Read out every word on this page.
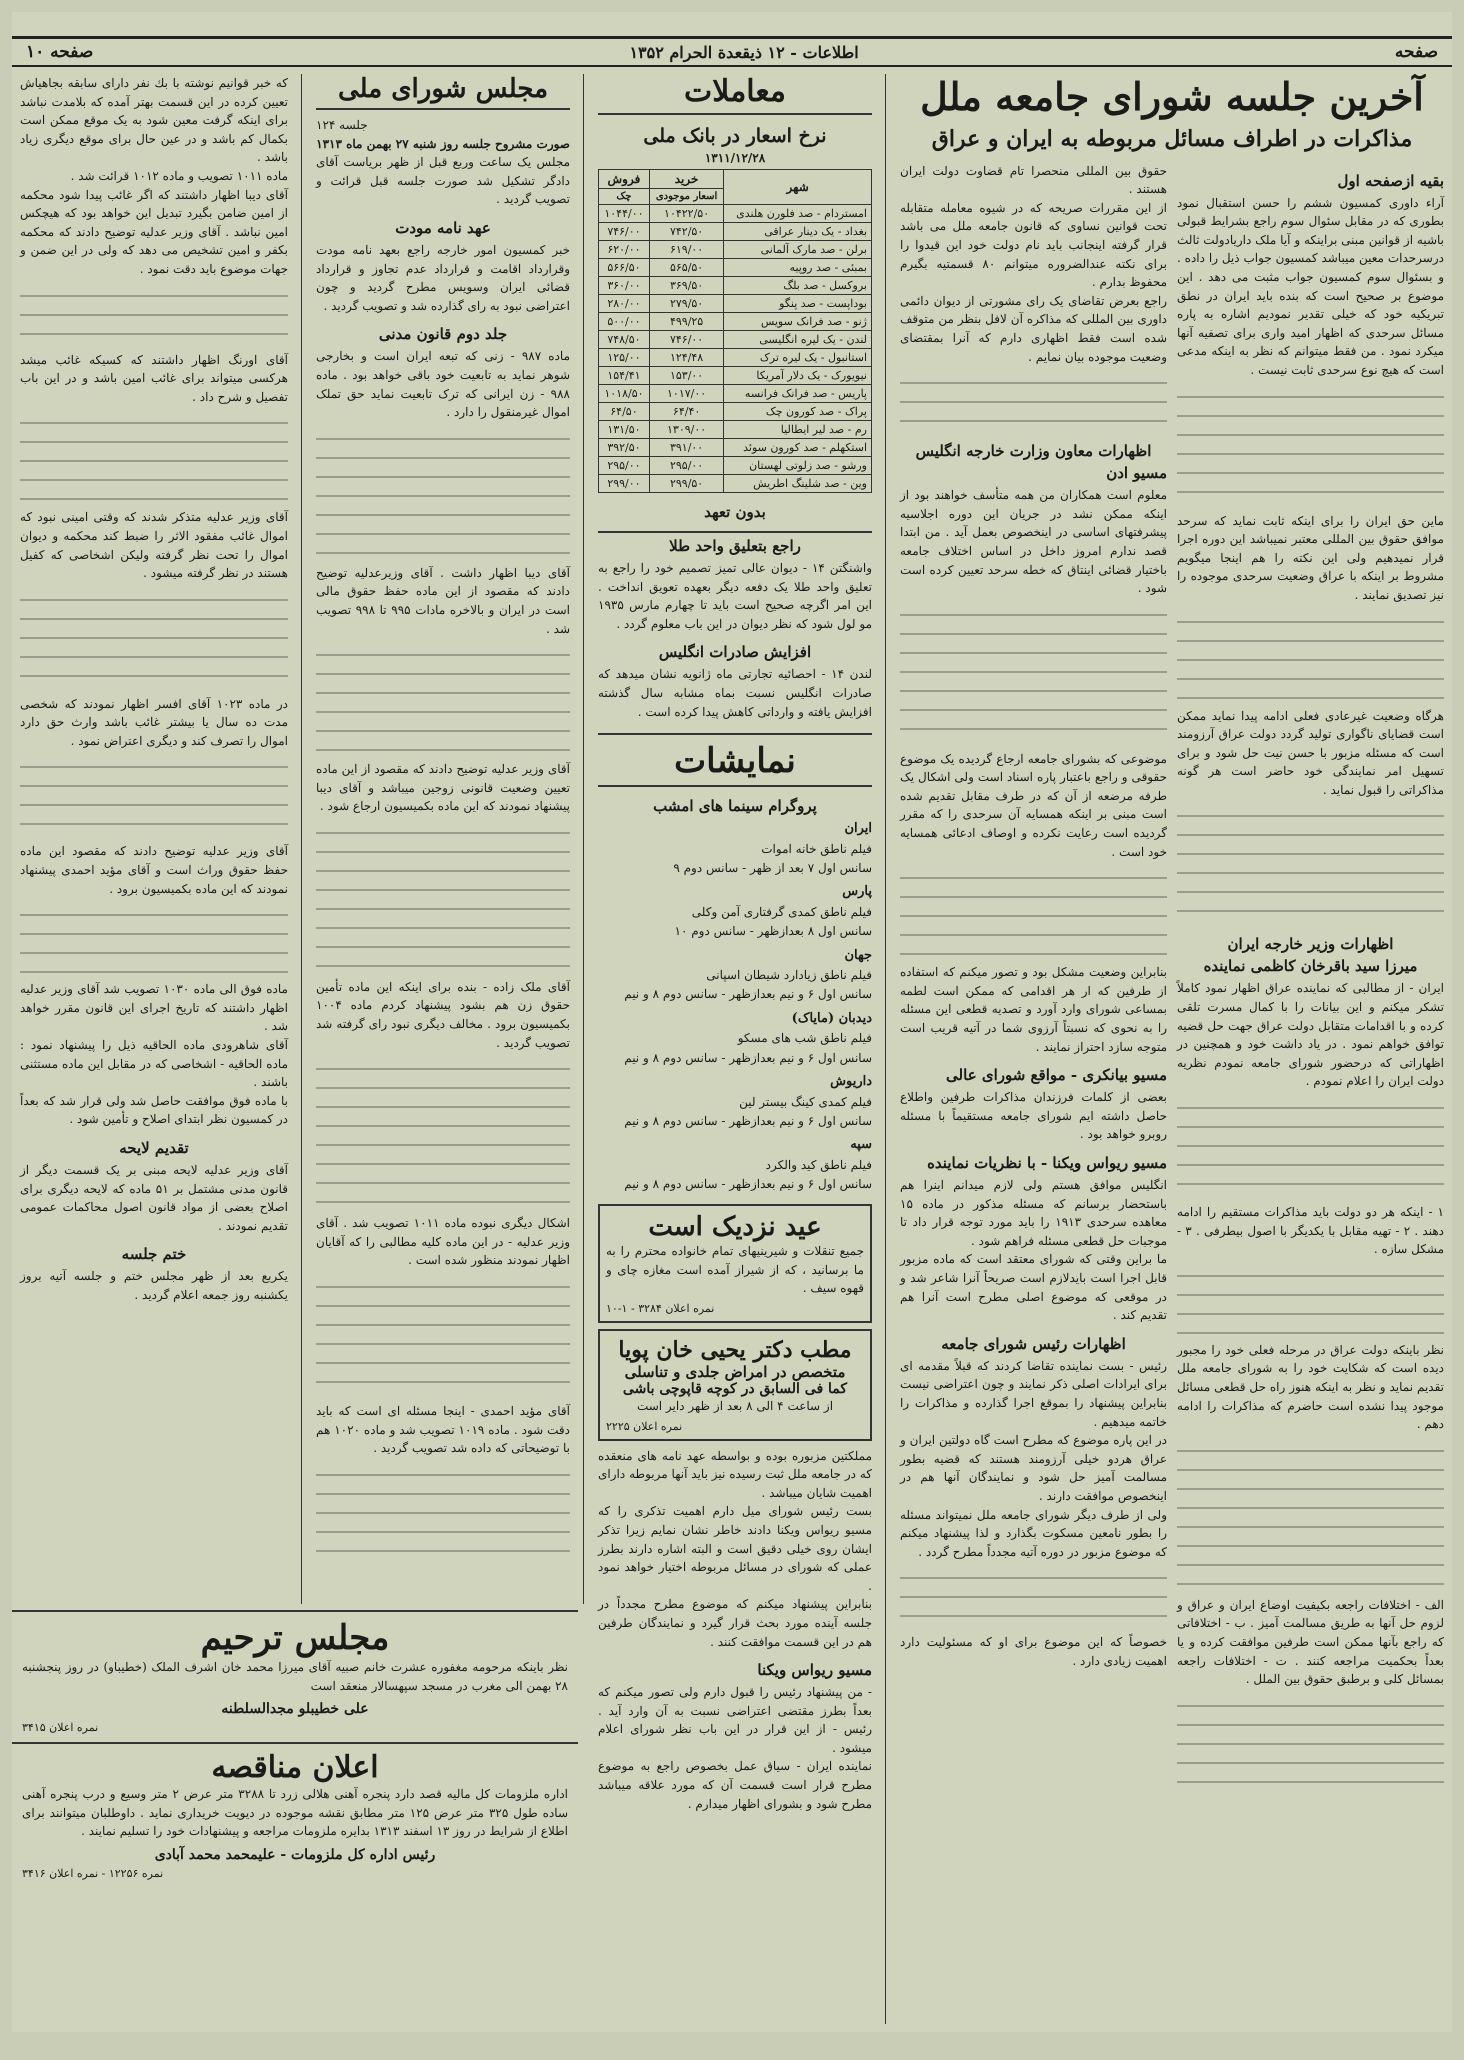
صفحه
اطلاعات - ۱۲ ذیقعدة الحرام ۱۳۵۲
صفحه ۱۰
آخرین جلسه شورای جامعه ملل
مذاکرات در اطراف مسائل مربوطه به ایران و عراق
بقیه ازصفحه اول

آراء داوری کمسیون ششم را حسن استقبال نمود بطوری که در مقابل سئوال سوم راجع بشرایط قبولی باشیه از قوانین مبنی براینکه و آیا ملک داریادولت ثالث درسرحدات معین میباشد کمسیون جواب ذیل را داده . و بسئوال سوم کمسیون جواب مثبت می دهد . این موضوع بر صحیح است که بنده باید ایران در نطق تبریکیه خود که خیلی تقدیر نمودیم اشاره به پاره مسائل سرحدی که اظهار امید واری برای تصفیه آنها میکرد نمود . من فقط میتوانم که نظر به اینکه مدعی است که هیچ نوع سرحدی ثابت نیست .

ماین حق ایران را برای اینکه ثابت نماید که سرحد موافق حقوق بین المللی معتبر نمیباشد این دوره اجرا قرار نمیدهیم ولی این نکته را هم اینجا میگویم مشروط بر اینکه با عراق وضعیت سرحدی موجوده را نیز تصدیق نمایند .

هرگاه وضعیت غیرعادی فعلی ادامه پیدا نماید ممکن است قضایای ناگواری تولید گردد دولت عراق آرزومند است که مسئله مزبور با حسن نیت حل شود و برای تسهیل امر نمایندگی خود حاضر است هر گونه مذاکراتی را قبول نماید .

اظهارات وزیر خارجه ایران
میرزا سید باقرخان کاظمی نماینده

ایران - از مطالبی که نماینده عراق اظهار نمود کاملاً تشکر میکنم و این بیانات را با کمال مسرت تلقی کرده و با اقدامات متقابل دولت عراق جهت حل قضیه توافق خواهم نمود . در یاد داشت خود و همچنین در اظهاراتی که درحضور شورای جامعه نمودم نظریه دولت ایران را اعلام نمودم .

۱ - اینکه هر دو دولت باید مذاکرات مستقیم را ادامه دهند . ۲ - تهیه مقابل با یکدیگر با اصول بیطرفی . ۳ - مشکل سازه .

نظر باینکه دولت عراق در مرحله فعلی خود را مجبور دیده است که شکایت خود را به شورای جامعه ملل تقدیم نماید و نظر به اینکه هنوز راه حل قطعی مسائل موجود پیدا نشده است حاضرم که مذاکرات را ادامه دهم .

الف - اختلافات راجعه بکیفیت اوضاع ایران و عراق و لزوم حل آنها به طریق مسالمت آمیز . ب - اختلافاتی که راجع بآنها ممکن است طرفین موافقت کرده و یا بعداً بحکمیت مراجعه کنند . ت - اختلافات راجعه بمسائل کلی و برطبق حقوق بین الملل .

حقوق بین المللی منحصرا تام قضاوت دولت ایران هستند .

از این مقررات صریحه که در شیوه معامله متقابله تحت قوانین نساوی که قانون جامعه ملل می باشد قرار گرفته اینجانب باید نام دولت خود این قیدوا را برای نکته عندالضروره میتوانم ۸۰ قسمتیه بگیرم محفوظ بدارم .

راجع بعرض تقاضای یک رای مشورتی از دیوان دائمی داوری بین المللی که مذاکره آن لافل بنظر من متوقف شده است فقط اظهاری دارم که آنرا بمقتضای وضعیت موجوده بیان نمایم .

اظهارات معاون وزارت خارجه انگلیس
مسیو ادن

معلوم است همکاران من همه متأسف خواهند بود از اینکه ممکن نشد در جریان این دوره اجلاسیه پیشرفتهای اساسی در اینخصوص بعمل آید . من ابتدا قصد ندارم امروز داخل در اساس اختلاف جامعه باختیار قضائی اینتاق که خطه سرحد تعیین کرده است شود .

موضوعی که بشورای جامعه ارجاع گردیده یک موضوع حقوقی و راجع باعتبار پاره اسناد است ولی اشکال یک طرفه مرضعه از آن که در طرف مقابل تقدیم شده است مبنی بر اینکه همسایه آن سرحدی را که مقرر گردیده است رعایت نکرده و اوصاف ادعائی همسایه خود است .

بنابراین وضعیت مشکل بود و تصور میکنم که استفاده از طرفین که ار هر اقدامی که ممکن است لطمه بمساعی شورای وارد آورد و تصدیه قطعی این مسئله را به نحوی که نسبتاً آرزوی شما در آتیه قریب است متوجه سازد احتراز نمایند .

مسیو بیانکری - مواقع شورای عالی

بعضی از کلمات فرزندان مذاکرات طرفین واطلاع حاصل داشته ایم شورای جامعه مستقیماً با مسئله روبرو خواهد بود .

مسیو ریواس ویکنا - با نظریات نماینده

انگلیس موافق هستم ولی لازم میدانم اینرا هم باستحضار برسانم که مسئله مذکور در ماده ۱۵ معاهده سرحدی ۱۹۱۳ را باید مورد توجه قرار داد تا موجبات حل قطعی مسئله فراهم شود .

ما براین وقتی که شورای معتقد است که ماده مزبور قابل اجرا است بایدلازم است صریحاً آنرا شاعر شد و در موقعی که موضوع اصلی مطرح است آنرا هم تقدیم کند .

اظهارات رئیس شورای جامعه

رئیس - بست نماینده تقاضا کردند که قبلاً مقدمه ای برای ایرادات اصلی ذکر نمایند و چون اعتراضی نیست بنابراین پیشنهاد را بموقع اجرا گذارده و مذاکرات را خاتمه میدهیم .

در این پاره موضوع که مطرح است گاه دولتین ایران و عراق هردو خیلی آرزومند هستند که قضیه بطور مسالمت آمیز حل شود و نمایندگان آنها هم در اینخصوص موافقت دارند .

ولی از طرف دیگر شورای جامعه ملل نمیتواند مسئله را بطور نامعین مسکوت بگذارد و لذا پیشنهاد میکنم که موضوع مزبور در دوره آتیه مجدداً مطرح گردد .

خصوصاً که این موضوع برای او که مسئولیت دارد اهمیت زیادی دارد .

معاملات
نرخ اسعار در بانک ملی
۱۳۱۱/۱۲/۲۸
شهر	خرید	فروش
	اسعار موجودی	چک
امستردام - صد فلورن هلندی	۱۰۴۲۲/۵۰	۱۰۴۴/۰۰
بغداد - یک دینار عراقی	۷۴۲/۵۰	۷۴۶/۰۰
برلن - صد مارک آلمانی	۶۱۹/۰۰	۶۲۰/۰۰
بمبئی - صد روپیه	۵۶۵/۵۰	۵۶۶/۵۰
بروکسل - صد بلگ	۳۶۹/۵۰	۳۶۰/۰۰
بوداپست - صد پنگو	۲۷۹/۵۰	۲۸۰/۰۰
ژنو - صد فرانک سویس	۴۹۹/۲۵	۵۰۰/۰۰
لندن - یک لیره انگلیسی	۷۴۶/۰۰	۷۴۸/۵۰
استانبول - یک لیره ترک	۱۲۴/۴۸	۱۲۵/۰۰
نیویورک - یک دلار آمریکا	۱۵۳/۰۰	۱۵۴/۴۱
پاریس - صد فرانک فرانسه	۱۰۱۷/۰۰	۱۰۱۸/۵۰
پراک - صد کورون چک	۶۴/۴۰	۶۴/۵۰
رم - صد لیر ایطالیا	۱۳۰۹/۰۰	۱۳۱/۵۰
استکهلم - صد کورون سوئد	۳۹۱/۰۰	۳۹۲/۵۰
ورشو - صد زلوتی لهستان	۲۹۵/۰۰	۲۹۵/۰۰
وین - صد شلینگ اطریش	۲۹۹/۵۰	۲۹۹/۰۰
بدون تعهد
راجع بتعلیق واحد طلا

واشنگتن ۱۴ - دیوان عالی تمیز تصمیم خود را راجع به تعلیق واحد طلا یک دفعه دیگر بعهده تعویق انداخت . این امر اگرچه صحیح است باید تا چهارم مارس ۱۹۳۵ مو لول شود که نظر دیوان در این باب معلوم گردد .

افزایش صادرات انگلیس

لندن ۱۴ - احصائیه تجارتی ماه ژانویه نشان میدهد که صادرات انگلیس نسبت بماه مشابه سال گذشته افزایش یافته و وارداتی کاهش پیدا کرده است .

نمایشات
پروگرام سینما های امشب
ایران
فیلم ناطق خانه اموات
سانس اول ۷ بعد از ظهر - سانس دوم ۹
پارس
فیلم ناطق کمدی گرفتاری آمن وکلی
سانس اول ۸ بعدازظهر - سانس دوم ۱۰
جهان
فیلم ناطق زیادارد شیطان اسپانی
سانس اول ۶ و نیم بعدازظهر - سانس دوم ۸ و نیم
دیدبان (مایاک)
فیلم ناطق شب های مسکو
سانس اول ۶ و نیم بعدازظهر - سانس دوم ۸ و نیم
داریوش
فیلم کمدی کینگ بیستر لین
سانس اول ۶ و نیم بعدازظهر - سانس دوم ۸ و نیم
سپه
فیلم ناطق کید والکرد
سانس اول ۶ و نیم بعدازظهر - سانس دوم ۸ و نیم
عید نزدیک است

جمیع تنقلات و شیرینیهای تمام خانواده محترم را به ما برسانید ، که از شیراز آمده است مغازه چای و قهوه سیف .

نمره اعلان ۳۲۸۴ - ۱-۱۰
مطب دکتر یحیی خان پویا
متخصص در امراض جلدی و تناسلی
کما فی السابق در کوچه قاپوچی باشی
از ساعت ۴ الی ۸ بعد از ظهر دایر است
نمره اعلان ۲۲۲۵

مملکتین مزبوره بوده و بواسطه عهد نامه های منعقده که در جامعه ملل ثبت رسیده نیز باید آنها مربوطه دارای اهمیت شایان میباشد .

بست رئیس شورای میل دارم اهمیت تذکری را که مسیو ریواس ویکنا دادند خاطر نشان نمایم زیرا تذکر ایشان روی خیلی دقیق است و البته اشاره دارند بطرز عملی که شورای در مسائل مربوطه اختیار خواهد نمود .

بنابراین پیشنهاد میکنم که موضوع مطرح مجدداً در جلسه آینده مورد بحث قرار گیرد و نمایندگان طرفین هم در این قسمت موافقت کنند .

مسیو ریواس ویکنا

- من پیشنهاد رئیس را قبول دارم ولی تصور میکنم که بعداً بطرز مقتضی اعتراضی نسبت به آن وارد آید . رئیس - از این قرار در این باب نظر شورای اعلام میشود .

نماینده ایران - سیاق عمل بخصوص راجع به موضوع مطرح قرار است قسمت آن که مورد علاقه میباشد مطرح شود و بشورای اظهار میدارم .

مجلس شورای ملی
جلسه ۱۲۴
صورت مشروح جلسه روز شنبه ۲۷ بهمن ماه ۱۳۱۳

مجلس یک ساعت وربع قبل از ظهر بریاست آقای دادگر تشکیل شد صورت جلسه قبل قرائت و تصویب گردید .

عهد نامه مودت

خبر کمسیون امور خارجه راجع بعهد نامه مودت وقرارداد اقامت و قرارداد عدم تجاوز و قرارداد قضائی ایران وسویس مطرح گردید و چون اعتراضی نبود به رای گذارده شد و تصویب گردید .

جلد دوم قانون مدنی

ماده ۹۸۷ - زنی که تبعه ایران است و بخارجی شوهر نماید به تابعیت خود باقی خواهد بود . ماده ۹۸۸ - زن ایرانی که ترک تابعیت نماید حق تملک اموال غیرمنقول را دارد .

آقای دیبا اظهار داشت . آقای وزیرعدلیه توضیح دادند که مقصود از این ماده حفظ حقوق مالی است در ایران و بالاخره مادات ۹۹۵ تا ۹۹۸ تصویب شد .

آقای وزیر عدلیه توضیح دادند که مقصود از این ماده تعیین وضعیت قانونی زوجین میباشد و آقای دیبا پیشنهاد نمودند که این ماده بکمیسیون ارجاع شود .

آقای ملک زاده - بنده برای اینکه این ماده تأمین حقوق زن هم بشود پیشنهاد کردم ماده ۱۰۰۴ بکمیسیون برود . مخالف دیگری نبود رای گرفته شد تصویب گردید .

اشکال دیگری نبوده ماده ۱۰۱۱ تصویب شد . آقای وزیر عدلیه - در این ماده کلیه مطالبی را که آقایان اظهار نمودند منظور شده است .

آقای مؤید احمدی - اینجا مسئله ای است که باید دقت شود . ماده ۱۰۱۹ تصویب شد و ماده ۱۰۲۰ هم با توضیحاتی که داده شد تصویب گردید .

که خبر قوانیم نوشته با بك نفر دارای سابقه بجاهیاش تعیین کرده در این قسمت بهتر آمده که بلامدت نباشد برای اینکه گرفت معین شود به یک موقع ممکن است بکمال کم باشد و در عین حال برای موقع دیگری زیاد باشد .

ماده ۱۰۱۱ تصویب و ماده ۱۰۱۲ قرائت شد .

آقای دیبا اظهار داشتند که اگر غائب پیدا شود محکمه از امین ضامن بگیرد تبدیل این خواهد بود که هیچکس امین نباشد . آقای وزیر عدلیه توضیح دادند که محکمه بکفر و امین تشخیص می دهد که ولی در این ضمن و جهات موضوع باید دقت نمود .

آقای اورنگ اظهار داشتند که کسیکه غائب میشد هرکسی میتواند برای غائب امین باشد و در این باب تفصیل و شرح داد .

آقای وزیر عدلیه متذکر شدند که وقتی امینی نبود که اموال غائب مفقود الاثر را ضبط کند محکمه و دیوان اموال را تحت نظر گرفته ولیکن اشخاصی که کفیل هستند در نظر گرفته میشود .

در ماده ۱۰۲۳ آقای افسر اظهار نمودند که شخصی مدت ده سال یا بیشتر غائب باشد وارث حق دارد اموال را تصرف کند و دیگری اعتراض نمود .

آقای وزیر عدلیه توضیح دادند که مقصود این ماده حفظ حقوق وراث است و آقای مؤید احمدی پیشنهاد نمودند که این ماده بکمیسیون برود .

ماده فوق الی ماده ۱۰۳۰ تصویب شد آقای وزیر عدلیه اظهار داشتند که تاریخ اجرای این قانون مقرر خواهد شد .

آقای شاهرودی ماده الحاقیه ذیل را پیشنهاد نمود : ماده الحاقیه - اشخاصی که در مقابل این ماده مستثنی باشند .

با ماده فوق موافقت حاصل شد ولی قرار شد که بعداً در کمسیون نظر ابتدای اصلاح و تأمین شود .

تقدیم لایحه

آقای وزیر عدلیه لایحه مبنی بر یک قسمت دیگر از قانون مدنی مشتمل بر ۵۱ ماده که لایحه دیگری برای اصلاح بعضی از مواد قانون اصول محاکمات عمومی تقدیم نمودند .

ختم جلسه

یکربع بعد از ظهر مجلس ختم و جلسه آتیه بروز یکشنبه روز جمعه اعلام گردید .

مجلس ترحیم

نظر باینکه مرحومه مغفوره عشرت خانم صبیه آقای میرزا محمد خان اشرف الملک (خطیباو) در روز پنجشنبه ۲۸ بهمن الی مغرب در مسجد سپهسالار منعقد است

علی خطیبلو مجدالسلطنه
نمره اعلان ۳۴۱۵
اعلان مناقصه

اداره ملزومات کل مالیه قصد دارد پنجره آهنی هلالی زرد تا ۳۲۸۸ متر عرض ۲ متر وسیع و درب پنجره آهنی ساده طول ۳۲۵ متر عرض ۱۲۵ متر مطابق نقشه موجوده در دیویت خریداری نماید . داوطلبان میتوانند برای اطلاع از شرایط در روز ۱۳ اسفند ۱۳۱۳ بدایره ملزومات مراجعه و پیشنهادات خود را تسلیم نمایند .

رئیس اداره کل ملزومات - علیمحمد محمد آبادی
نمره ۱۲۲۵۶ - نمره اعلان ۳۴۱۶
